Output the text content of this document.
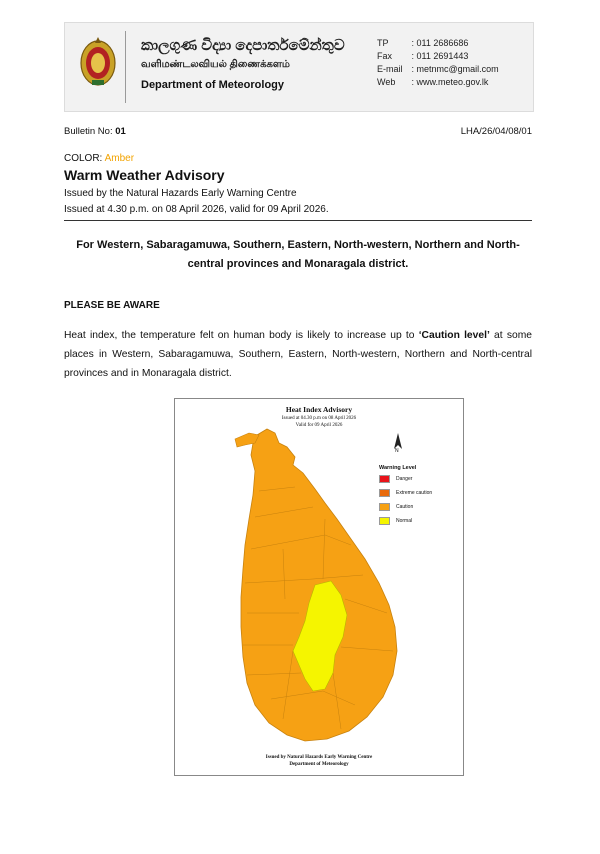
කාලගුණ විද්‍යා දෙපාර්තමේන්තුව
வளிமண்டலவியல் திணைக்களம்
Department of Meteorology
TP	: 011 2686686
Fax : 011 2691443
E-mail : metnmc@gmail.com
Web : www.meteo.gov.lk
Bulletin No: 01	LHA/26/04/08/01
COLOR: Amber
Warm Weather Advisory
Issued by the Natural Hazards Early Warning Centre
Issued at 4.30 p.m. on 08 April 2026, valid for 09 April 2026.
For Western, Sabaragamuwa, Southern, Eastern, North-western, Northern and North-central provinces and Monaragala district.
PLEASE BE AWARE
Heat index, the temperature felt on human body is likely to increase up to ‘Caution level’ at some places in Western, Sabaragamuwa, Southern, Eastern, North-western, Northern and North-central provinces and in Monaragala district.
N
Heat Index Advisory
Issued at 04.30 p.m on 08 April 2026
Valid for 09 April 2026
Warning Level
Danger
Extreme caution
Caution
Normal
Issued by Natural Hazards Early Warning Centre
Department of Meteorology
